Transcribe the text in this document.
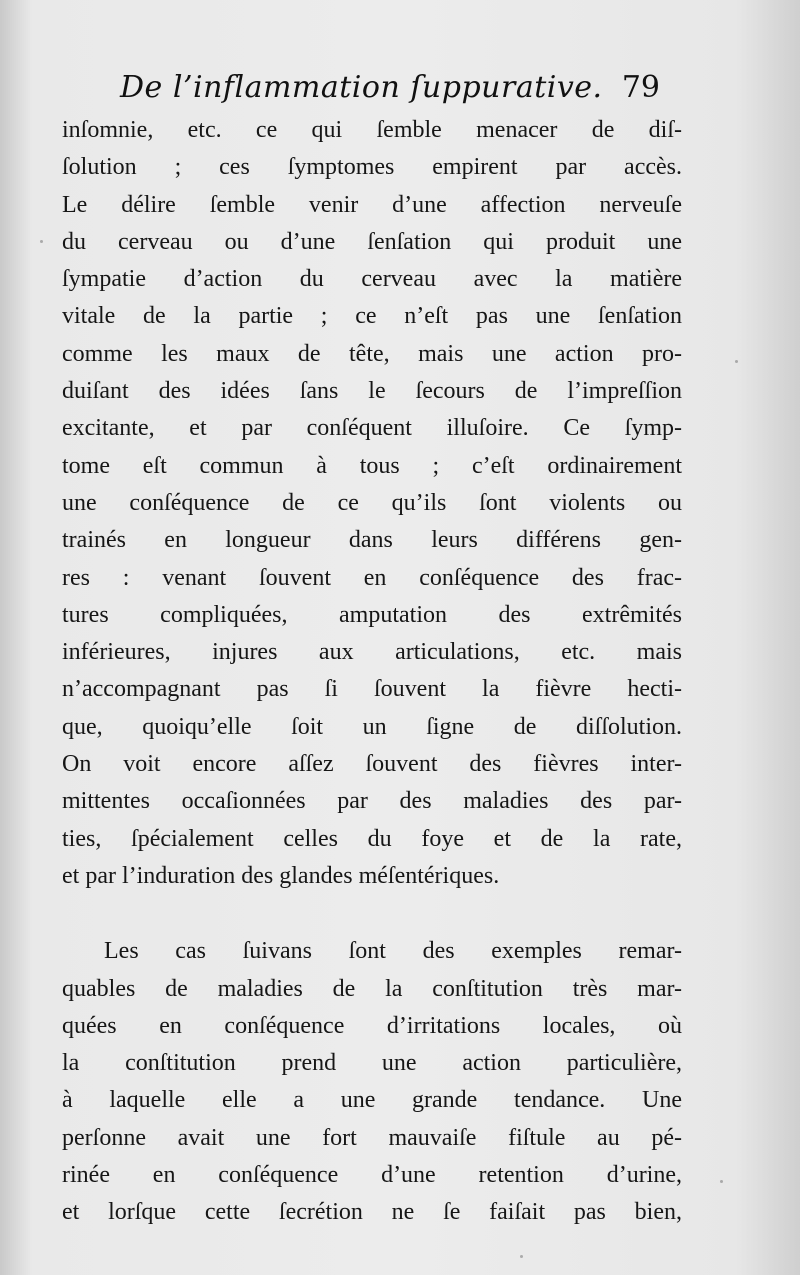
De l’inflammation ſuppurative. 79
inſomnie, etc. ce qui ſemble menacer de diſ-
ſolution ; ces ſymptomes empirent par accès.
Le délire ſemble venir d’une affection nerveuſe
du cerveau ou d’une ſenſation qui produit une
ſympatie d’action du cerveau avec la matière
vitale de la partie ; ce n’eſt pas une ſenſation
comme les maux de tête, mais une action pro-
duiſant des idées ſans le ſecours de l’impreſſion
excitante, et par conſéquent illuſoire. Ce ſymp-
tome eſt commun à tous ; c’eſt ordinairement
une conſéquence de ce qu’ils ſont violents ou
trainés en longueur dans leurs différens gen-
res : venant ſouvent en conſéquence des frac-
tures compliquées, amputation des extrêmités
inférieures, injures aux articulations, etc. mais
n’accompagnant pas ſi ſouvent la fièvre hecti-
que, quoiqu’elle ſoit un ſigne de diſſolution.
On voit encore aſſez ſouvent des fièvres inter-
mittentes occaſionnées par des maladies des par-
ties, ſpécialement celles du foye et de la rate,
et par l’induration des glandes méſentériques.
Les cas ſuivans ſont des exemples remar-
quables de maladies de la conſtitution très mar-
quées en conſéquence d’irritations locales, où
la conſtitution prend une action particulière,
à laquelle elle a une grande tendance. Une
perſonne avait une fort mauvaiſe fiſtule au pé-
rinée en conſéquence d’une retention d’urine,
et lorſque cette ſecrétion ne ſe faiſait pas bien,
